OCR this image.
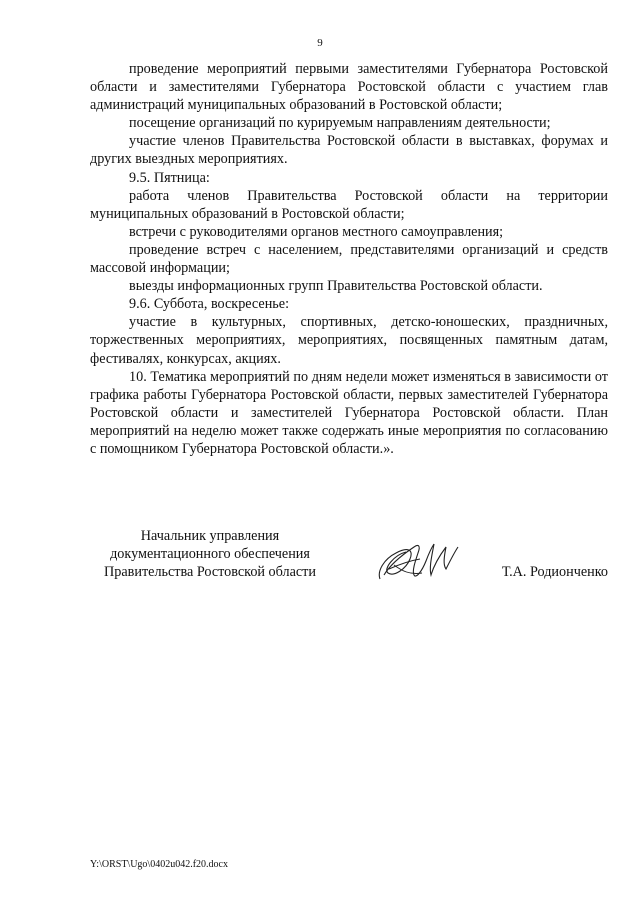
9

проведение мероприятий первыми заместителями Губернатора Ростовской области и заместителями Губернатора Ростовской области с участием глав администраций муниципальных образований в Ростовской области;

посещение организаций по курируемым направлениям деятельности;

участие членов Правительства Ростовской области в выставках, форумах и других выездных мероприятиях.

9.5. Пятница:

работа членов Правительства Ростовской области на территории муниципальных образований в Ростовской области;

встречи с руководителями органов местного самоуправления;

проведение встреч с населением, представителями организаций и средств массовой информации;

выезды информационных групп Правительства Ростовской области.

9.6. Суббота, воскресенье:

участие в культурных, спортивных, детско-юношеских, праздничных, торжественных мероприятиях, мероприятиях, посвященных памятным датам, фестивалях, конкурсах, акциях.

10. Тематика мероприятий по дням недели может изменяться в зависимости от графика работы Губернатора Ростовской области, первых заместителей Губернатора Ростовской области и заместителей Губернатора Ростовской области. План мероприятий на неделю может также содержать иные мероприятия по согласованию с помощником Губернатора Ростовской области.».

Начальник управления
документационного обеспечения
Правительства Ростовской области	Т.А. Родионченко
Y:\ORST\Ugo\0402u042.f20.docx
